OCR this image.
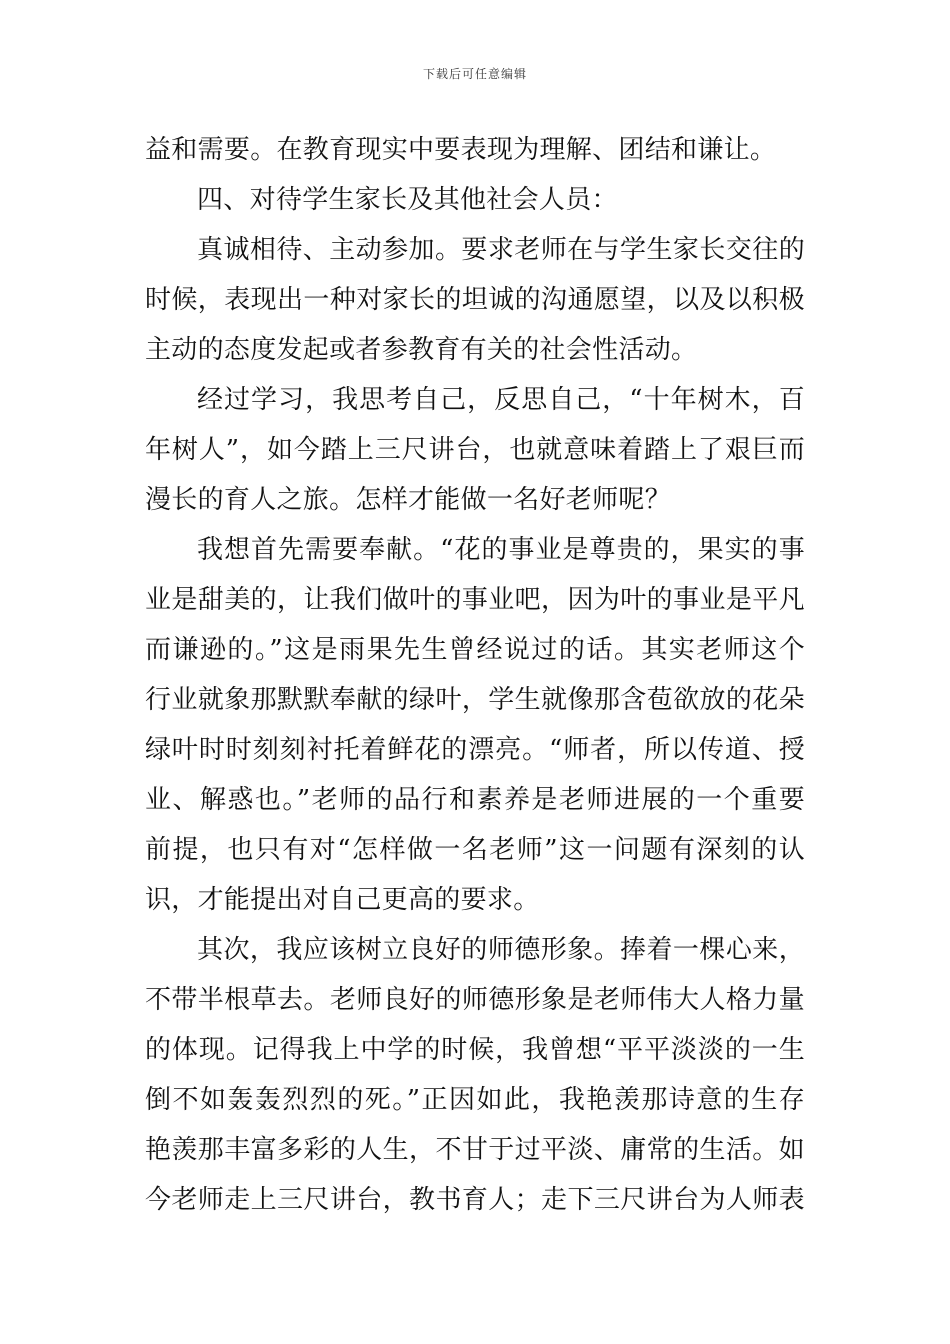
下载后可任意编辑
益和需要。在教育现实中要表现为理解、团结和谦让。
四、对待学生家长及其他社会人员：
真诚相待、主动参加。要求老师在与学生家长交往的
时候，表现出一种对家长的坦诚的沟通愿望，以及以积极
主动的态度发起或者参教育有关的社会性活动。
经过学习，我思考自己，反思自己，“十年树木，百
年树人”，如今踏上三尺讲台，也就意味着踏上了艰巨而
漫长的育人之旅。怎样才能做一名好老师呢？
我想首先需要奉献。“花的事业是尊贵的，果实的事
业是甜美的，让我们做叶的事业吧，因为叶的事业是平凡
而谦逊的。”这是雨果先生曾经说过的话。其实老师这个
行业就象那默默奉献的绿叶，学生就像那含苞欲放的花朵
绿叶时时刻刻衬托着鲜花的漂亮。“师者，所以传道、授
业、解惑也。”老师的品行和素养是老师进展的一个重要
前提，也只有对“怎样做一名老师”这一问题有深刻的认
识，才能提出对自己更高的要求。
其次，我应该树立良好的师德形象。捧着一棵心来，
不带半根草去。老师良好的师德形象是老师伟大人格力量
的体现。记得我上中学的时候，我曾想“平平淡淡的一生
倒不如轰轰烈烈的死。”正因如此，我艳羡那诗意的生存
艳羡那丰富多彩的人生，不甘于过平淡、庸常的生活。如
今老师走上三尺讲台，教书育人；走下三尺讲台为人师表
